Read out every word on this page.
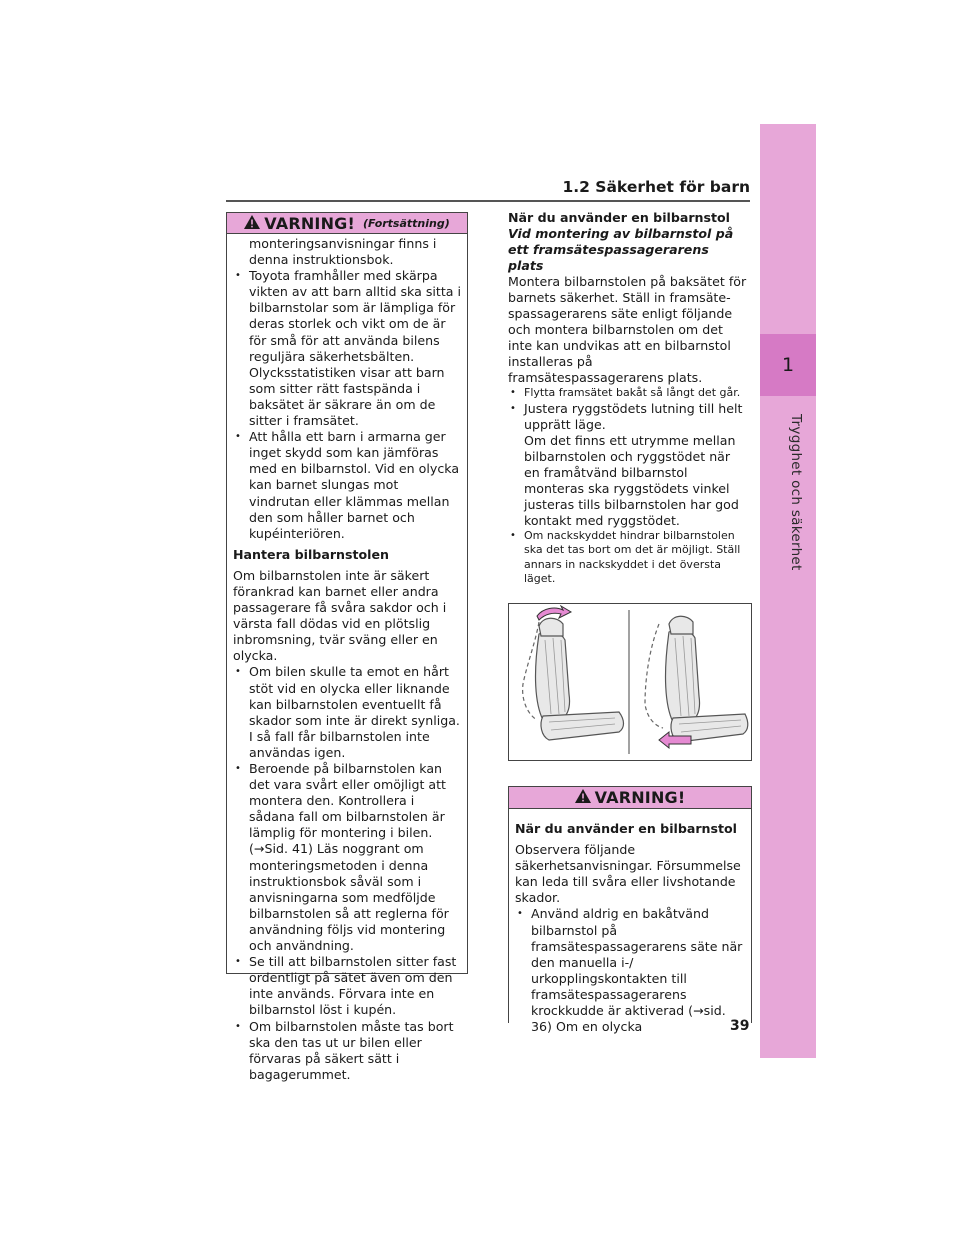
1
Trygghet och säkerhet
1.2 Säkerhet för barn
VARNING! (Fortsättning)

monteringsanvisningar finns i denna instruktionsbok.

• Toyota framhåller med skärpa vikten av att barn alltid ska sitta i bilbarnstolar som är lämpliga för deras storlek och vikt om de är för små för att använda bilens reguljära säkerhetsbälten. Olycksstatistiken visar att barn som sitter rätt fastspända i baksätet är säkrare än om de sitter i framsätet.

• Att hålla ett barn i armarna ger inget skydd som kan jämföras med en bilbarnstol. Vid en olycka kan barnet slungas mot vindrutan eller klämmas mellan den som håller barnet och kupéinteriören.

Hantera bilbarnstolen

Om bilbarnstolen inte är säkert förankrad kan barnet eller andra passagerare få svåra sakdor och i värsta fall dödas vid en plötslig inbromsning, tvär sväng eller en olycka.

• Om bilen skulle ta emot en hårt stöt vid en olycka eller liknande kan bilbarnstolen eventuellt få skador som inte är direkt synliga. I så fall får bilbarnstolen inte användas igen.

• Beroende på bilbarnstolen kan det vara svårt eller omöjligt att montera den. Kontrollera i sådana fall om bilbarnstolen är lämplig för montering i bilen. (→Sid. 41) Läs noggrant om monteringsmetoden i denna instruktionsbok såväl som i anvisningarna som medföljde bilbarnstolen så att reglerna för användning följs vid montering och användning.

• Se till att bilbarnstolen sitter fast ordentligt på sätet även om den inte används. Förvara inte en bilbarnstol löst i kupén.

• Om bilbarnstolen måste tas bort ska den tas ut ur bilen eller förvaras på säkert sätt i bagagerummet.

När du använder en bilbarnstol

Vid montering av bilbarnstol på ett framsätespassagerarens plats

Montera bilbarnstolen på baksätet för barnets säkerhet. Ställ in framsäte-spassagerarens säte enligt följande och montera bilbarnstolen om det inte kan undvikas att en bilbarnstol installeras på framsätespassagerarens plats.

• Flytta framsätet bakåt så långt det går.

• Justera ryggstödets lutning till helt upprätt läge.

Om det finns ett utrymme mellan bilbarnstolen och ryggstödet när en framåtvänd bilbarnstol monteras ska ryggstödets vinkel justeras tills bilbarnstolen har god kontakt med ryggstödet.

• Om nackskyddet hindrar bilbarnstolen ska det tas bort om det är möjligt. Ställ annars in nackskyddet i det översta läget.

VARNING!

När du använder en bilbarnstol

Observera följande säkerhetsanvisningar. Försummelse kan leda till svåra eller livshotande skador.

• Använd aldrig en bakåtvänd bilbarnstol på framsätespassagerarens säte när den manuella i-/ urkopplingskontakten till framsätespassagerarens krockkudde är aktiverad (→sid. 36) Om en olycka	39
